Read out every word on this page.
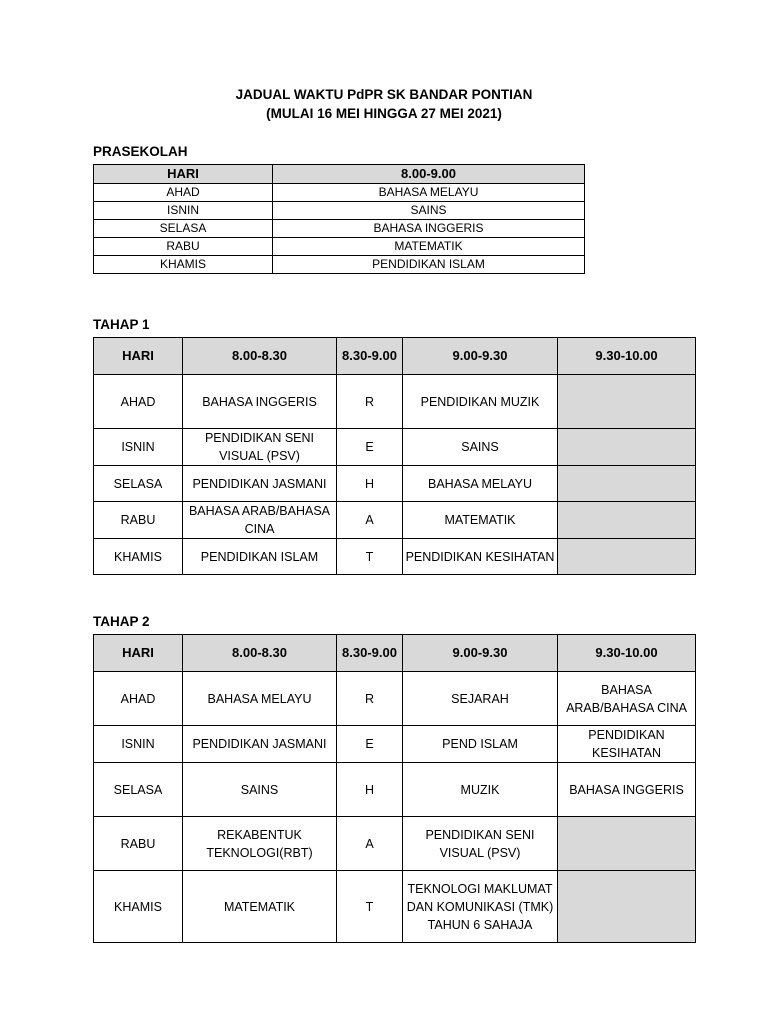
JADUAL WAKTU PdPR SK BANDAR PONTIAN
(MULAI 16 MEI HINGGA 27 MEI 2021)
PRASEKOLAH
HARI	8.00-9.00
AHAD	BAHASA MELAYU
ISNIN	SAINS
SELASA	BAHASA INGGERIS
RABU	MATEMATIK
KHAMIS	PENDIDIKAN ISLAM
TAHAP 1
HARI	8.00-8.30	8.30-9.00	9.00-9.30	9.30-10.00
AHAD	BAHASA INGGERIS	R	PENDIDIKAN MUZIK	
ISNIN	PENDIDIKAN SENI VISUAL (PSV)	E	SAINS	
SELASA	PENDIDIKAN JASMANI	H	BAHASA MELAYU	
RABU	BAHASA ARAB/BAHASA CINA	A	MATEMATIK	
KHAMIS	PENDIDIKAN ISLAM	T	PENDIDIKAN KESIHATAN	
TAHAP 2
HARI	8.00-8.30	8.30-9.00	9.00-9.30	9.30-10.00
AHAD	BAHASA MELAYU	R	SEJARAH	BAHASA ARAB/BAHASA CINA
ISNIN	PENDIDIKAN JASMANI	E	PEND ISLAM	PENDIDIKAN KESIHATAN
SELASA	SAINS	H	MUZIK	BAHASA INGGERIS
RABU	REKABENTUK TEKNOLOGI(RBT)	A	PENDIDIKAN SENI VISUAL (PSV)	
KHAMIS	MATEMATIK	T	TEKNOLOGI MAKLUMAT DAN KOMUNIKASI (TMK) TAHUN 6 SAHAJA	
